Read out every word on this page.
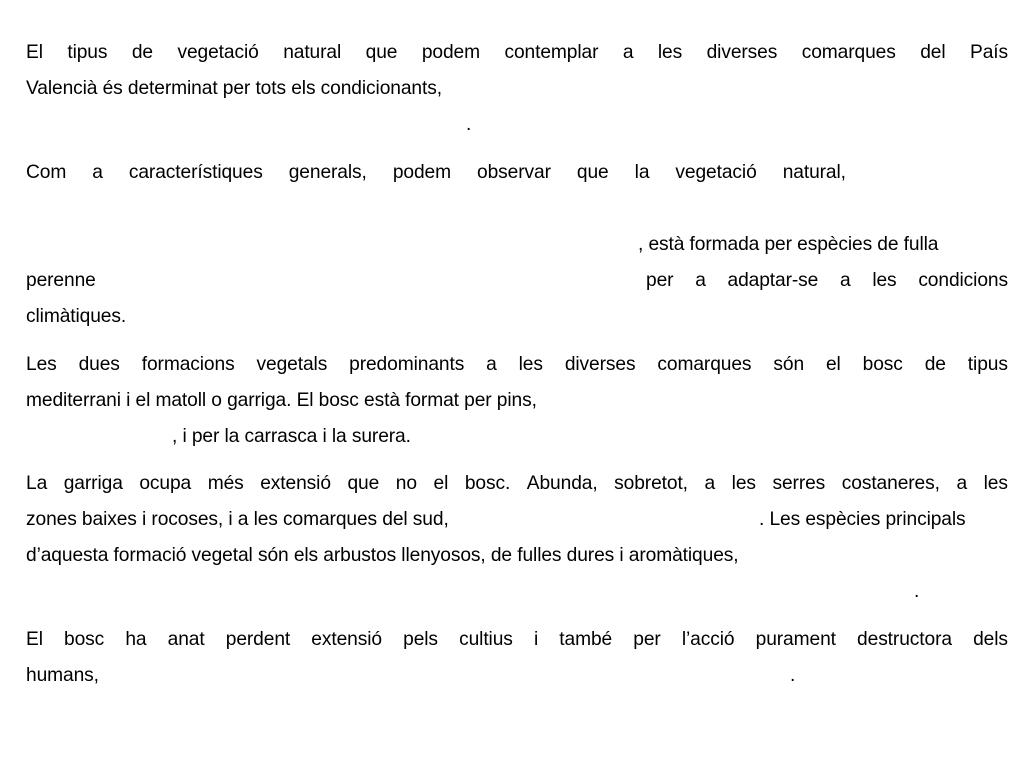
El tipus de vegetació natural que podem contemplar a les diverses comarques del País
Valencià és determinat per tots els condicionants,
.
Com a característiques generals, podem observar que la vegetació natural,
, està formada per espècies de fulla
perenne	per a adaptar-se a les condicions
climàtiques.
Les dues formacions vegetals predominants a les diverses comarques són el bosc de tipus
mediterrani i el matoll o garriga. El bosc està format per pins,
, i per la carrasca i la surera.
La garriga ocupa més extensió que no el bosc. Abunda, sobretot, a les serres costaneres, a les
zones baixes i rocoses, i a les comarques del sud,	. Les espècies principals
d’aquesta formació vegetal són els arbustos llenyosos, de fulles dures i aromàtiques,
.
El bosc ha anat perdent extensió pels cultius i també per l’acció purament destructora dels
humans,	.
